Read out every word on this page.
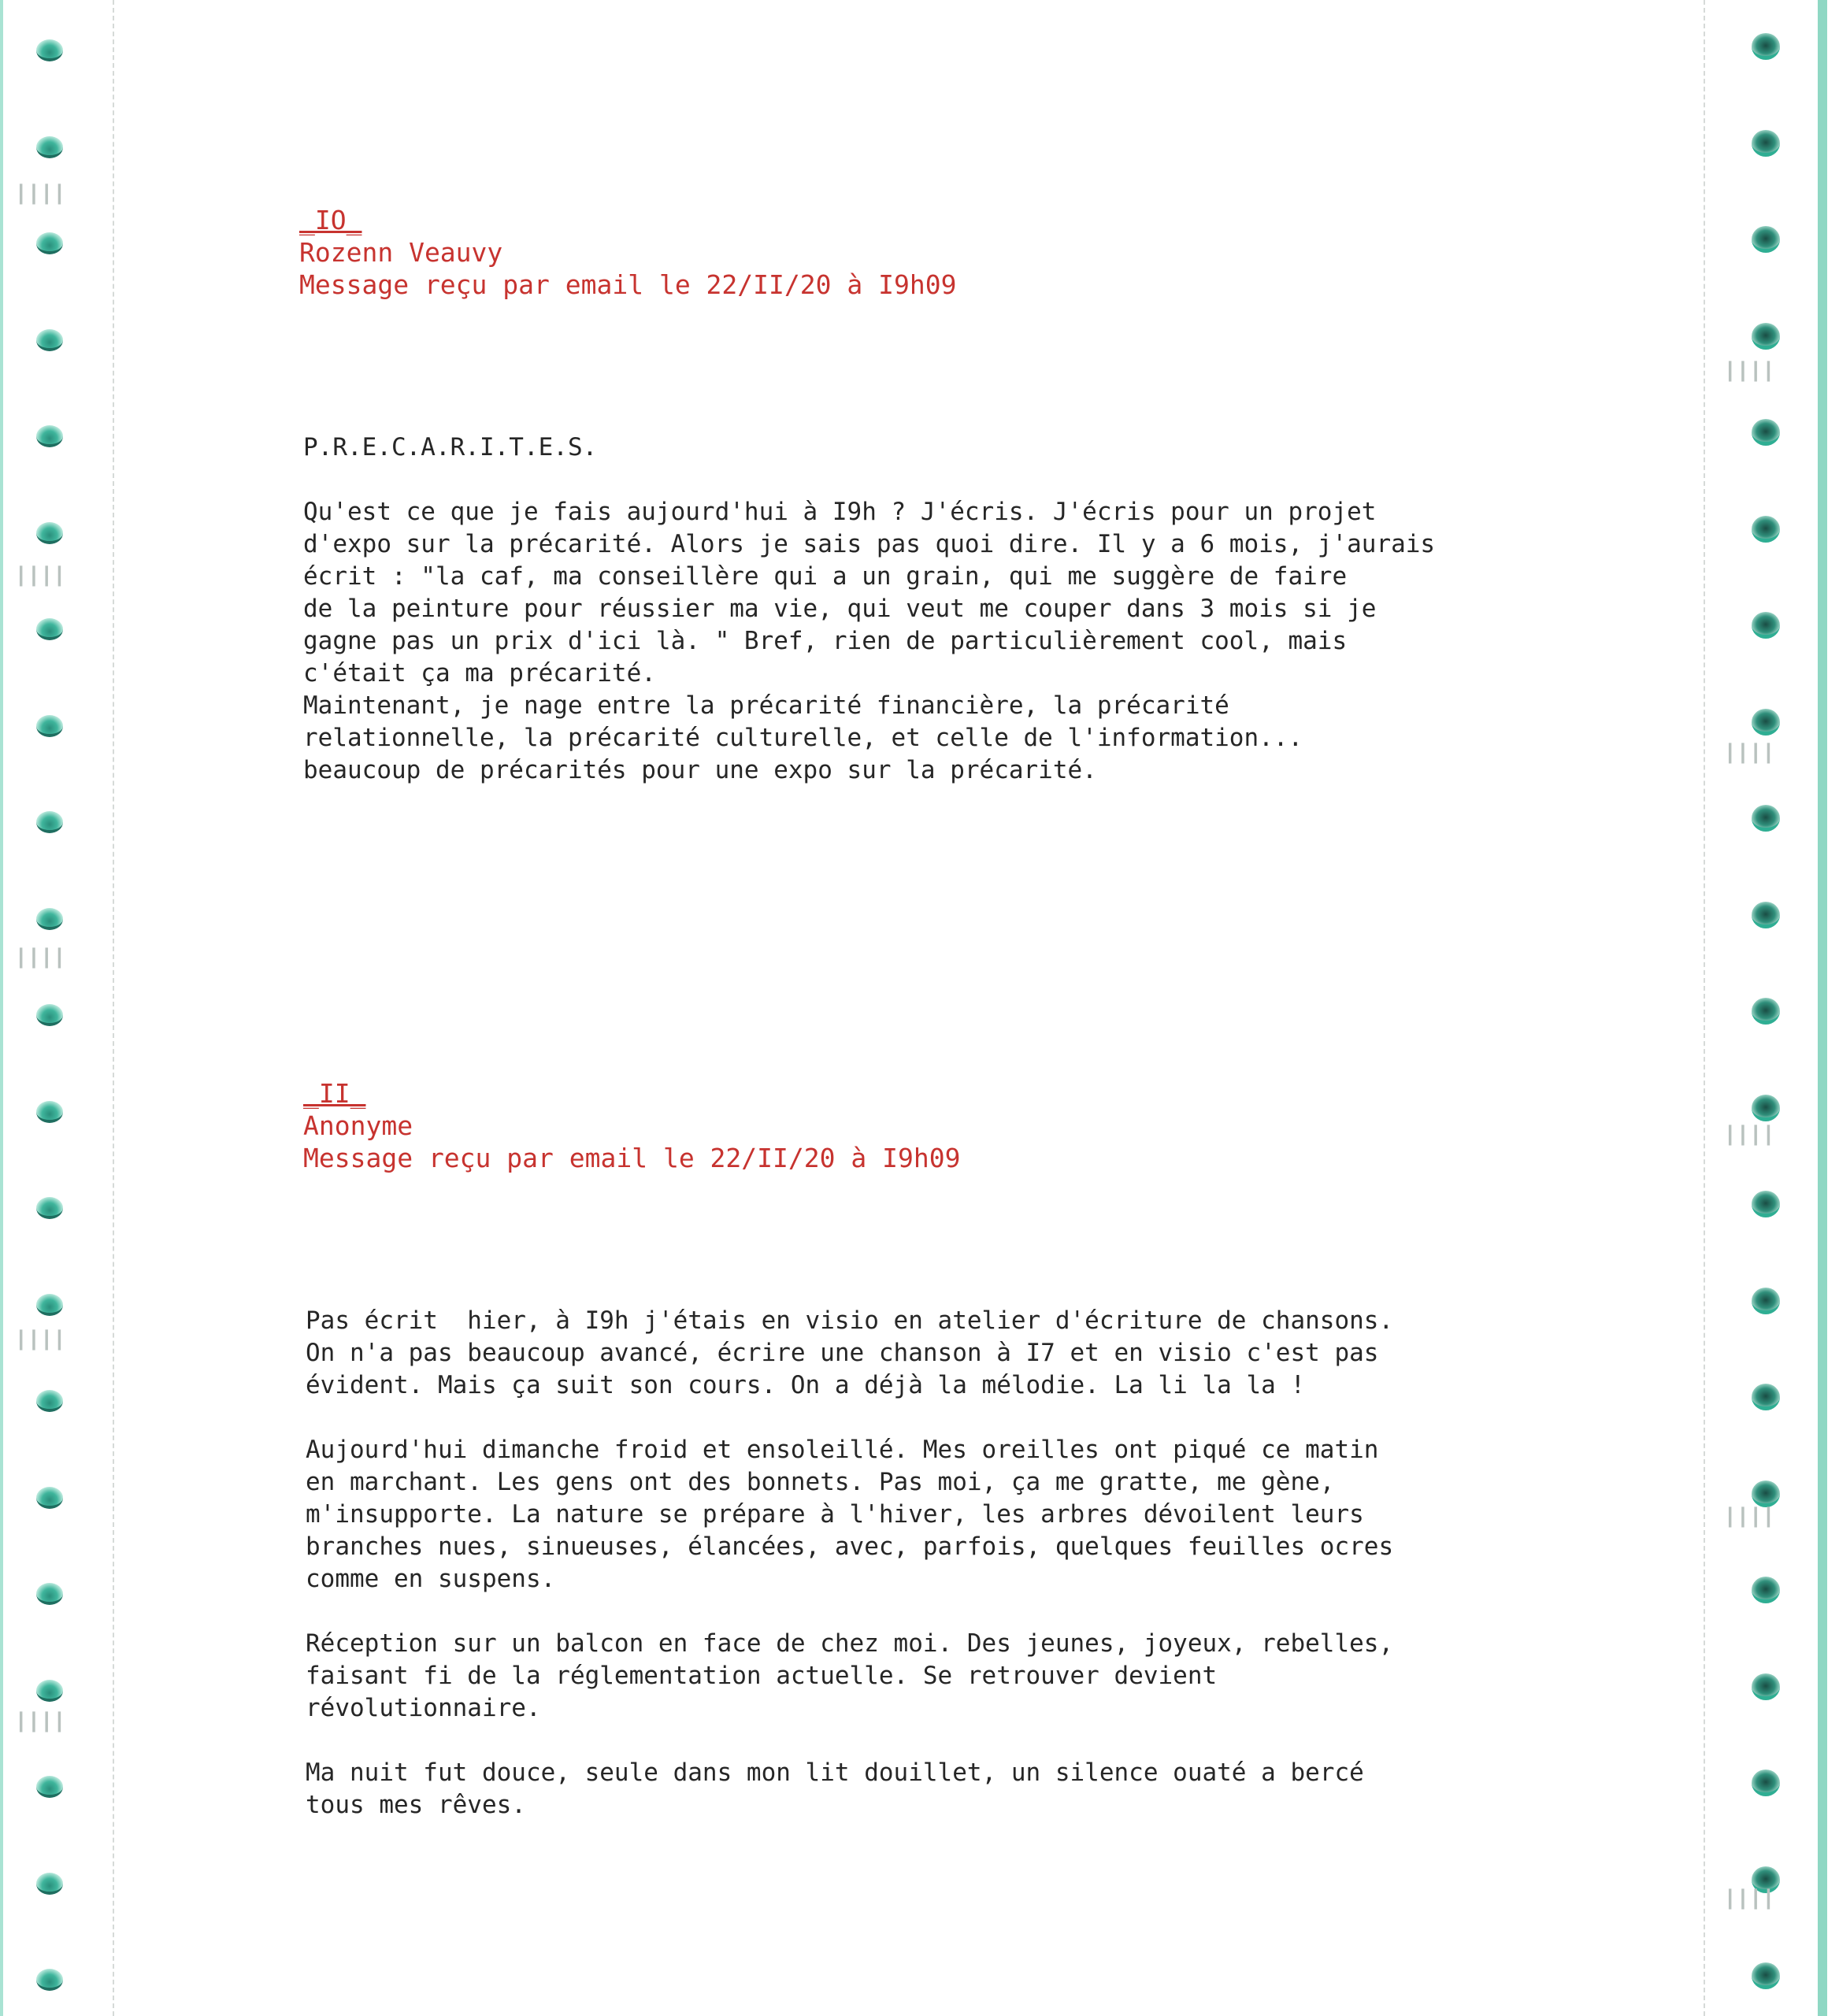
┃┃┃┃
┃┃┃┃
┃┃┃┃
┃┃┃┃
┃┃┃┃
┃┃┃┃
┃┃┃┃
┃┃┃┃
┃┃┃┃
┃┃┃┃

_IO_

Rozenn Veauvy

Message reçu par email le 22/II/20 à I9h09

P.R.E.C.A.R.I.T.E.S.

Qu'est ce que je fais aujourd'hui à I9h ? J'écris. J'écris pour un projet

d'expo sur la précarité. Alors je sais pas quoi dire. Il y a 6 mois, j'aurais

écrit : "la caf, ma conseillère qui a un grain, qui me suggère de faire

de la peinture pour réussier ma vie, qui veut me couper dans 3 mois si je

gagne pas un prix d'ici là. " Bref, rien de particulièrement cool, mais

c'était ça ma précarité.

Maintenant, je nage entre la précarité financière, la précarité

relationnelle, la précarité culturelle, et celle de l'information...

beaucoup de précarités pour une expo sur la précarité.

_II_

Anonyme

Message reçu par email le 22/II/20 à I9h09

Pas écrit  hier, à I9h j'étais en visio en atelier d'écriture de chansons.

On n'a pas beaucoup avancé, écrire une chanson à I7 et en visio c'est pas

évident. Mais ça suit son cours. On a déjà la mélodie. La li la la !

Aujourd'hui dimanche froid et ensoleillé. Mes oreilles ont piqué ce matin

en marchant. Les gens ont des bonnets. Pas moi, ça me gratte, me gène,

m'insupporte. La nature se prépare à l'hiver, les arbres dévoilent leurs

branches nues, sinueuses, élancées, avec, parfois, quelques feuilles ocres

comme en suspens.

Réception sur un balcon en face de chez moi. Des jeunes, joyeux, rebelles,

faisant fi de la réglementation actuelle. Se retrouver devient

révolutionnaire.

Ma nuit fut douce, seule dans mon lit douillet, un silence ouaté a bercé

tous mes rêves.
